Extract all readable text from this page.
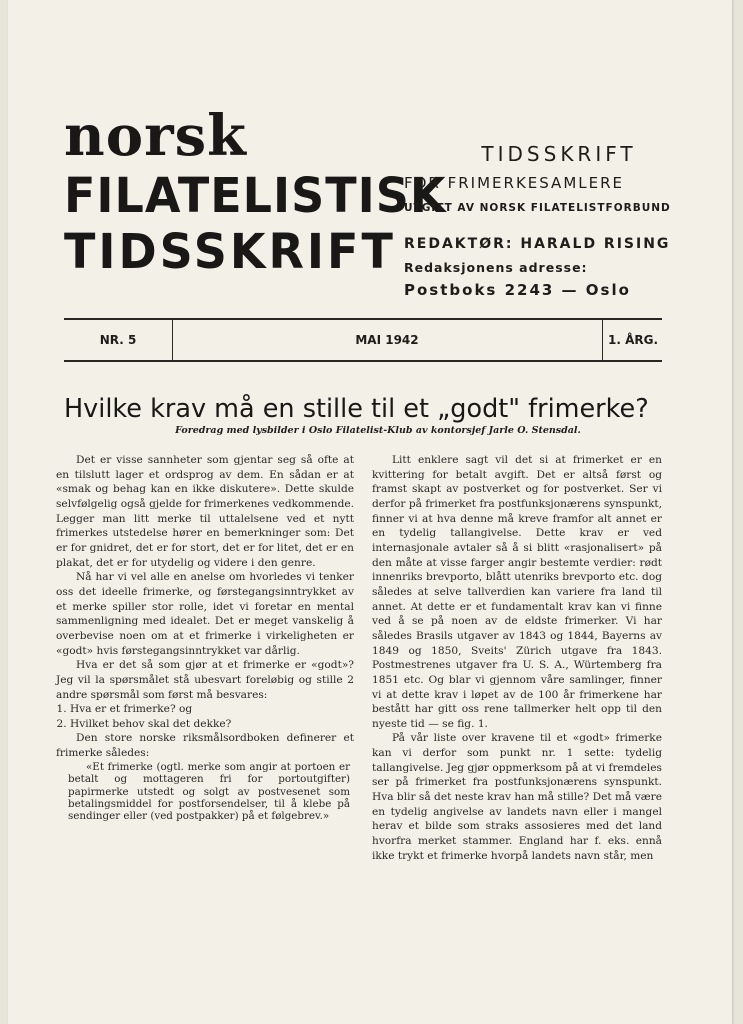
norsk
FILATELISTISK
TIDSSKRIFT
TIDSSKRIFT
FOR FRIMERKESAMLERE
UTGITT AV NORSK FILATELISTFORBUND
REDAKTØR: HARALD RISING
Redaksjonens adresse:
Postboks 2243 — Oslo
NR. 5	MAI 1942	1. ÅRG.
Hvilke krav må en stille til et „godt" frimerke?
Foredrag med lysbilder i Oslo Filatelist-Klub av kontorsjef Jarle O. Stensdal.

Det er visse sannheter som gjentar seg så ofte at en tilslutt lager et ordsprog av dem. En sådan er at «smak og behag kan en ikke diskutere». Dette skulde selvfølgelig også gjelde for frimerkenes vedkommende. Legger man litt merke til uttalelsene ved et nytt frimerkes utstedelse hører en bemerkninger som: Det er for gnidret, det er for stort, det er for litet, det er en plakat, det er for utydelig og videre i den genre.

Nå har vi vel alle en anelse om hvorledes vi tenker oss det ideelle frimerke, og førstegangsinntrykket av et merke spiller stor rolle, idet vi foretar en mental sammenligning med idealet. Det er meget vanskelig å overbevise noen om at et frimerke i virkeligheten er «godt» hvis førstegangsinntrykket var dårlig.

Hva er det så som gjør at et frimerke er «godt»? Jeg vil la spørsmålet stå ubesvart foreløbig og stille 2 andre spørsmål som først må besvares:

1. Hva er et frimerke? og
2. Hvilket behov skal det dekke?

Den store norske riksmålsordboken definerer et frimerke således:

«Et frimerke (ogtl. merke som angir at portoen er betalt og mottageren fri for portoutgifter) papirmerke utstedt og solgt av postvesenet som betalingsmiddel for postforsendelser, til å klebe på sendinger eller (ved postpakker) på et følgebrev.»

Litt enklere sagt vil det si at frimerket er en kvittering for betalt avgift. Det er altså først og framst skapt av postverket og for postverket. Ser vi derfor på frimerket fra postfunksjonærens synspunkt, finner vi at hva denne må kreve framfor alt annet er en tydelig tallangivelse. Dette krav er ved internasjonale avtaler så å si blitt «rasjonalisert» på den måte at visse farger angir bestemte verdier: rødt innenriks brevporto, blått utenriks brevporto etc. dog således at selve tallverdien kan variere fra land til annet. At dette er et fundamentalt krav kan vi finne ved å se på noen av de eldste frimerker. Vi har således Brasils utgaver av 1843 og 1844, Bayerns av 1849 og 1850, Sveits' Zürich utgave fra 1843. Postmestrenes utgaver fra U. S. A., Würtemberg fra 1851 etc. Og blar vi gjennom våre samlinger, finner vi at dette krav i løpet av de 100 år frimerkene har bestått har gitt oss rene tallmerker helt opp til den nyeste tid — se fig. 1.

På vår liste over kravene til et «godt» frimerke kan vi derfor som punkt nr. 1 sette: tydelig tallangivelse. Jeg gjør oppmerksom på at vi fremdeles ser på frimerket fra postfunksjonærens synspunkt. Hva blir så det neste krav han må stille? Det må være en tydelig angivelse av landets navn eller i mangel herav et bilde som straks assosieres med det land hvorfra merket stammer. England har f. eks. ennå ikke trykt et frimerke hvorpå landets navn står, men
